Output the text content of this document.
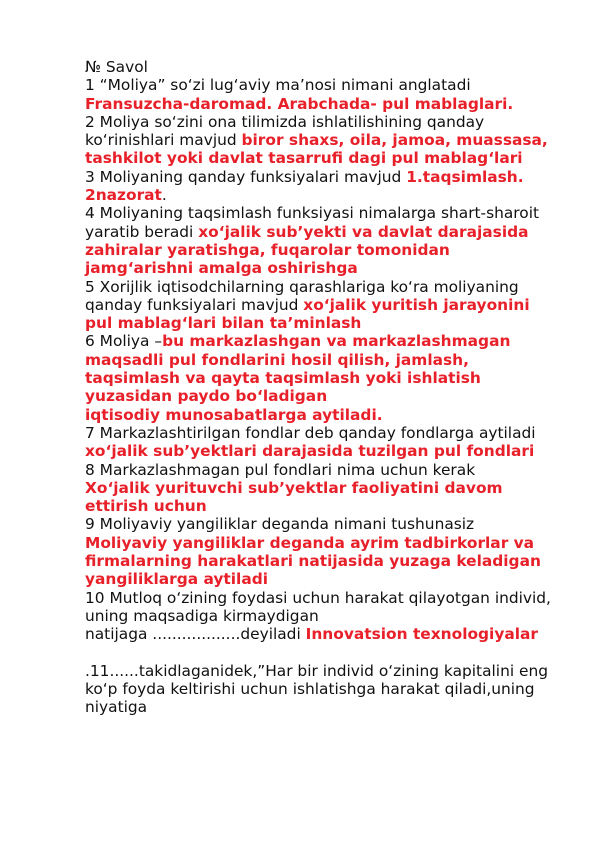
№ Savol

1 “Moliya” so‘zi lug‘aviy ma’nosi nimani anglatadi Fransuzcha-daromad. Arabchada- pul mablaglari.

2 Moliya so‘zini ona tilimizda ishlatilishining qanday ko‘rinishlari mavjud biror shaxs, oila, jamoa, muassasa, tashkilot yoki davlat tasarrufi dagi pul mablag‘lari

3 Moliyaning qanday funksiyalari mavjud 1.taqsimlash. 2nazorat.

4 Moliyaning taqsimlash funksiyasi nimalarga shart-sharoit yaratib beradi xo‘jalik sub’yekti va davlat darajasida zahiralar yaratishga, fuqarolar tomonidan jamg‘arishni amalga oshirishga

5 Xorijlik iqtisodchilarning qarashlariga ko‘ra moliyaning qanday funksiyalari mavjud xo‘jalik yuritish jarayonini pul mablag‘lari bilan ta’minlash

6 Moliya –bu markazlashgan va markazlashmagan maqsadli pul fondlarini hosil qilish, jamlash, taqsimlash va qayta taqsimlash yoki ishlatish yuzasidan paydo bo‘ladigan

iqtisodiy munosabatlarga aytiladi.

7 Markazlashtirilgan fondlar deb qanday fondlarga aytiladi xo‘jalik sub’yektlari darajasida tuzilgan pul fondlari

8 Markazlashmagan pul fondlari nima uchun kerak

Xo‘jalik yurituvchi sub’yektlar faoliyatini davom ettirish uchun

9 Moliyaviy yangiliklar deganda nimani tushunasiz

Moliyaviy yangiliklar deganda ayrim tadbirkorlar va firmalarning harakatlari natijasida yuzaga keladigan yangiliklarga aytiladi

10 Mutloq o‘zining foydasi uchun harakat qilayotgan individ, uning maqsadiga kirmaydigan

natijaga ..................deyiladi Innovatsion texnologiyalar

.11......takidlaganidek,”Har bir individ o‘zining kapitalini eng ko‘p foyda keltirishi uchun ishlatishga harakat qiladi,uning niyatiga
